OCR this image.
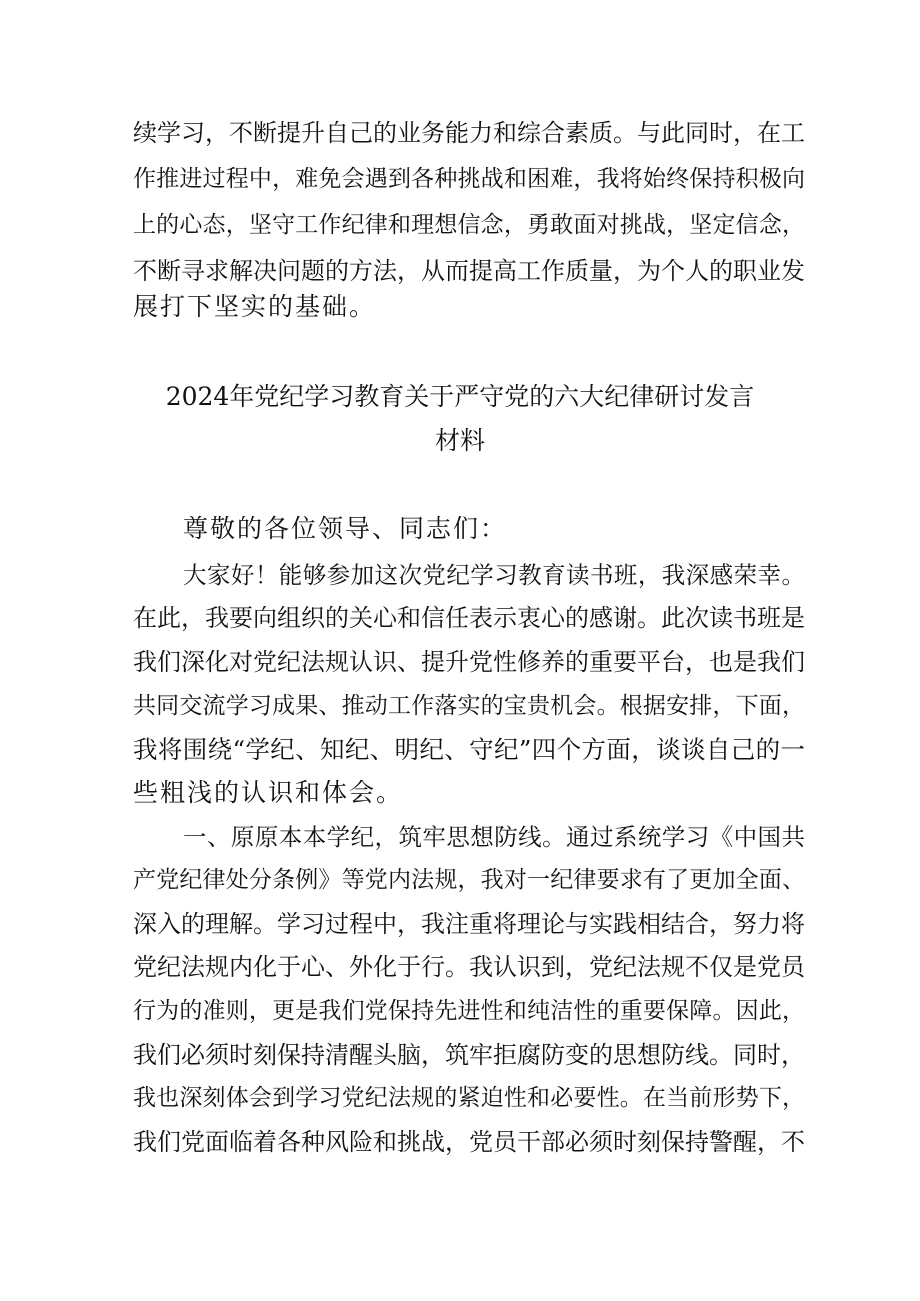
续学习，不断提升自己的业务能力和综合素质。与此同时，在工
作推进过程中，难免会遇到各种挑战和困难，我将始终保持积极向
上的心态，坚守工作纪律和理想信念，勇敢面对挑战，坚定信念，
不断寻求解决问题的方法，从而提高工作质量，为个人的职业发
展打下坚实的基础。
2024年党纪学习教育关于严守党的六大纪律研讨发言
材料
尊敬的各位领导、同志们：
大家好！能够参加这次党纪学习教育读书班，我深感荣幸。
在此，我要向组织的关心和信任表示衷心的感谢。此次读书班是
我们深化对党纪法规认识、提升党性修养的重要平台，也是我们
共同交流学习成果、推动工作落实的宝贵机会。根据安排，下面，
我将围绕“学纪、知纪、明纪、守纪”四个方面，谈谈自己的一
些粗浅的认识和体会。
一、原原本本学纪，筑牢思想防线。通过系统学习《中国共
产党纪律处分条例》等党内法规，我对一纪律要求有了更加全面、
深入的理解。学习过程中，我注重将理论与实践相结合，努力将
党纪法规内化于心、外化于行。我认识到，党纪法规不仅是党员
行为的准则，更是我们党保持先进性和纯洁性的重要保障。因此，
我们必须时刻保持清醒头脑，筑牢拒腐防变的思想防线。同时，
我也深刻体会到学习党纪法规的紧迫性和必要性。在当前形势下，
我们党面临着各种风险和挑战，党员干部必须时刻保持警醒，不
